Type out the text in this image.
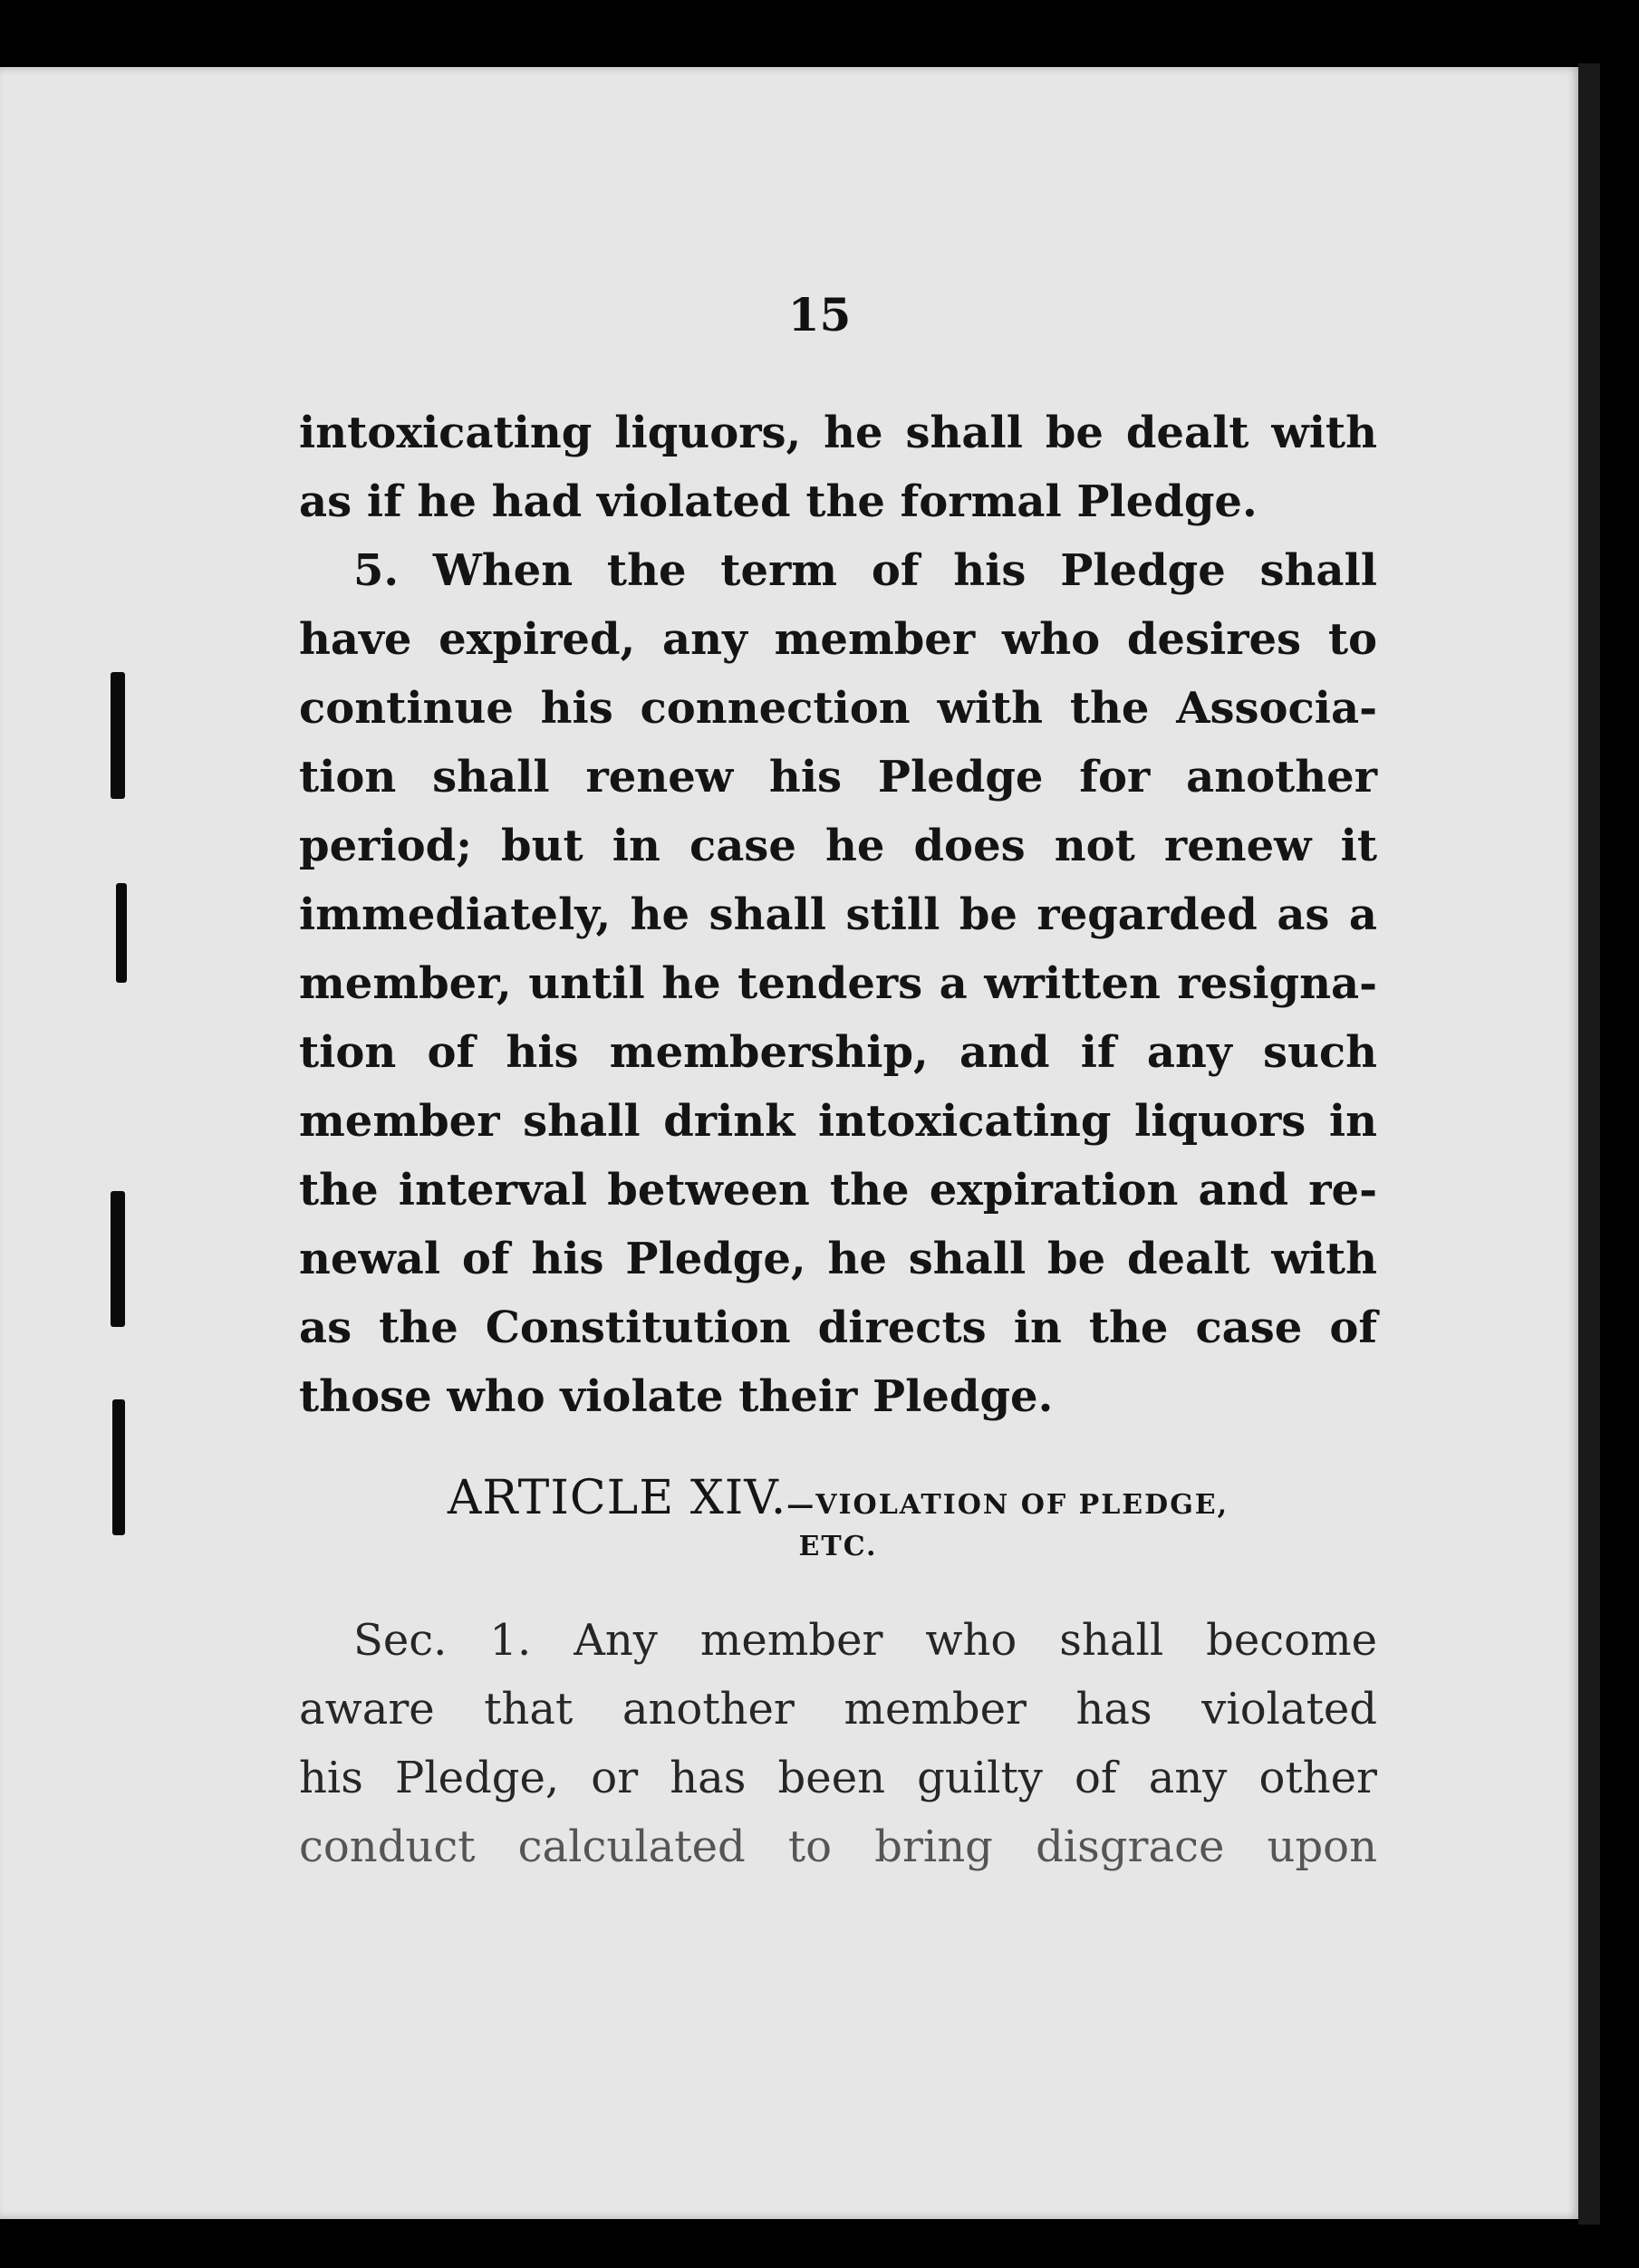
15

intoxicating liquors, he shall be dealt with
as if he had violated the formal Pledge.

5. When the term of his Pledge shall
have expired, any member who desires to
continue his connection with the Associa-
tion shall renew his Pledge for another
period; but in case he does not renew it
immediately, he shall still be regarded as a
member, until he tenders a written resigna-
tion of his membership, and if any such
member shall drink intoxicating liquors in
the interval between the expiration and re-
newal of his Pledge, he shall be dealt with
as the Constitution directs in the case of
those who violate their Pledge.

ARTICLE XIV.—VIOLATION OF PLEDGE,
ETC.

Sec. 1. Any member who shall become
aware that another member has violated
his Pledge, or has been guilty of any other
conduct calculated to bring disgrace upon
